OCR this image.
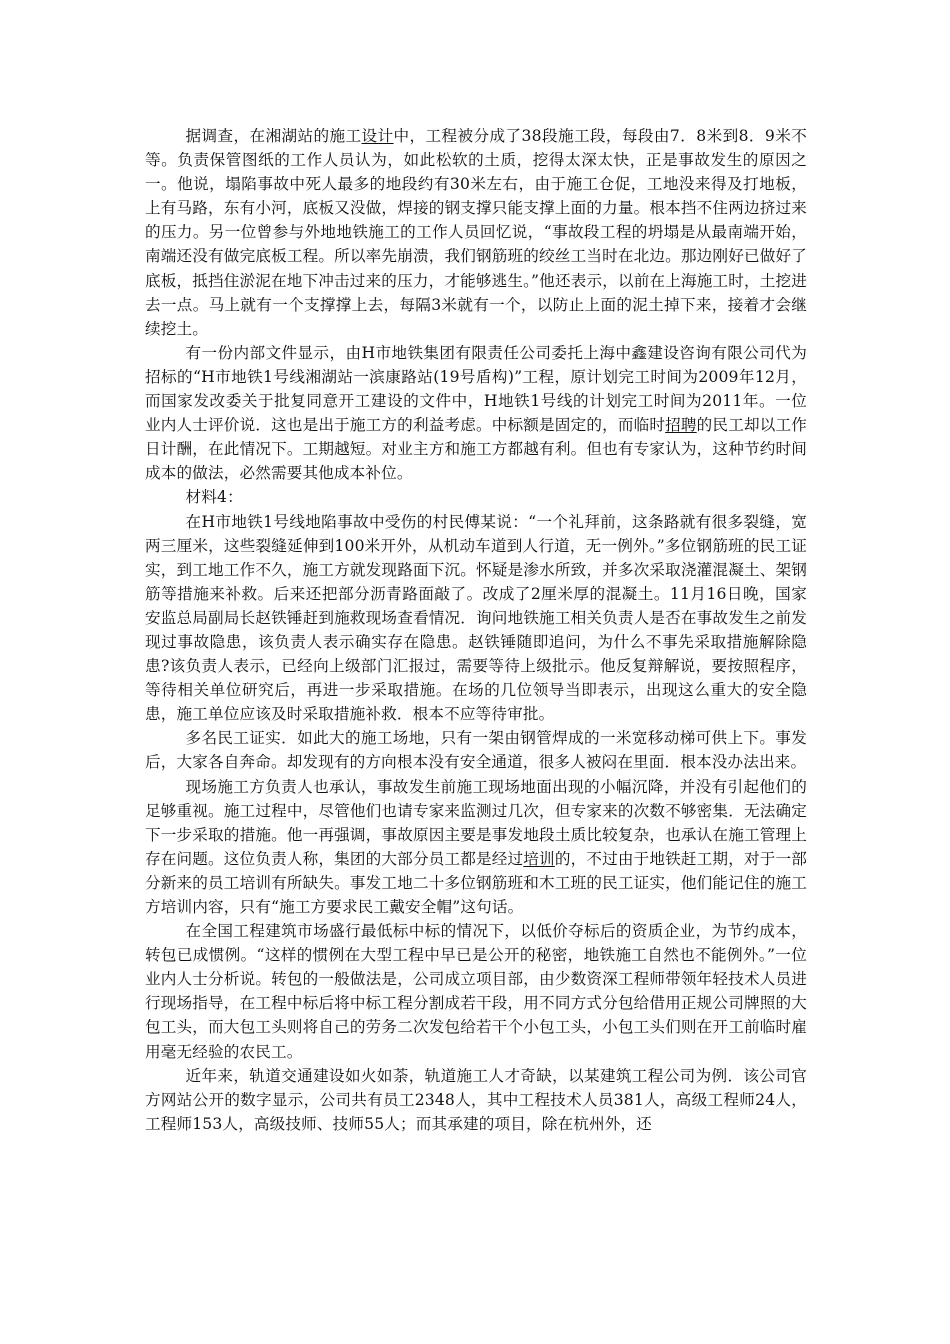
据调查，在湘湖站的施工设计中，工程被分成了38段施工段，每段由7．8米到8．9米不等。负责保管图纸的工作人员认为，如此松软的土质，挖得太深太快，正是事故发生的原因之一。他说，塌陷事故中死人最多的地段约有30米左右，由于施工仓促，工地没来得及打地板，上有马路，东有小河，底板又没做，焊接的钢支撑只能支撑上面的力量。根本挡不住两边挤过来的压力。另一位曾参与外地地铁施工的工作人员回忆说，“事故段工程的坍塌是从最南端开始，南端还没有做完底板工程。所以率先崩溃，我们钢筋班的绞丝工当时在北边。那边刚好已做好了底板，抵挡住淤泥在地下冲击过来的压力，才能够逃生。”他还表示，以前在上海施工时，土挖进去一点。马上就有一个支撑撑上去，每隔3米就有一个，以防止上面的泥土掉下来，接着才会继续挖土。

有一份内部文件显示，由H市地铁集团有限责任公司委托上海中鑫建设咨询有限公司代为招标的“H市地铁1号线湘湖站一滨康路站(19号盾构)”工程，原计划完工时间为2009年12月，而国家发改委关于批复同意开工建设的文件中，H地铁1号线的计划完工时间为2011年。一位业内人士评价说．这也是出于施工方的利益考虑。中标额是固定的，而临时招聘的民工却以工作日计酬，在此情况下。工期越短。对业主方和施工方都越有利。但也有专家认为，这种节约时间成本的做法，必然需要其他成本补位。

材料4：

在H市地铁1号线地陷事故中受伤的村民傅某说：“一个礼拜前，这条路就有很多裂缝，宽两三厘米，这些裂缝延伸到100米开外，从机动车道到人行道，无一例外。”多位钢筋班的民工证实，到工地工作不久，施工方就发现路面下沉。怀疑是渗水所致，并多次采取浇灌混凝土、架钢筋等措施来补救。后来还把部分沥青路面敲了。改成了2厘米厚的混凝土。11月16日晚，国家安监总局副局长赵铁锤赶到施救现场查看情况．询问地铁施工相关负责人是否在事故发生之前发现过事故隐患，该负责人表示确实存在隐患。赵铁锤随即追问，为什么不事先采取措施解除隐患?该负责人表示，已经向上级部门汇报过，需要等待上级批示。他反复辩解说，要按照程序，等待相关单位研究后，再进一步采取措施。在场的几位领导当即表示，出现这么重大的安全隐患，施工单位应该及时采取措施补救．根本不应等待审批。

多名民工证实．如此大的施工场地，只有一架由钢管焊成的一米宽移动梯可供上下。事发后，大家各自奔命。却发现有的方向根本没有安全通道，很多人被闷在里面．根本没办法出来。

现场施工方负责人也承认，事故发生前施工现场地面出现的小幅沉降，并没有引起他们的足够重视。施工过程中，尽管他们也请专家来监测过几次，但专家来的次数不够密集．无法确定下一步采取的措施。他一再强调，事故原因主要是事发地段土质比较复杂，也承认在施工管理上存在问题。这位负责人称，集团的大部分员工都是经过培训的，不过由于地铁赶工期，对于一部分新来的员工培训有所缺失。事发工地二十多位钢筋班和木工班的民工证实，他们能记住的施工方培训内容，只有“施工方要求民工戴安全帽”这句话。

在全国工程建筑市场盛行最低标中标的情况下，以低价夺标后的资质企业，为节约成本，转包已成惯例。“这样的惯例在大型工程中早已是公开的秘密，地铁施工自然也不能例外。”一位业内人士分析说。转包的一般做法是，公司成立项目部，由少数资深工程师带领年轻技术人员进行现场指导，在工程中标后将中标工程分割成若干段，用不同方式分包给借用正规公司牌照的大包工头，而大包工头则将自己的劳务二次发包给若干个小包工头，小包工头们则在开工前临时雇用毫无经验的农民工。

近年来，轨道交通建设如火如荼，轨道施工人才奇缺，以某建筑工程公司为例．该公司官方网站公开的数字显示，公司共有员工2348人，其中工程技术人员381人，高级工程师24人，工程师153人，高级技师、技师55人；而其承建的项目，除在杭州外，还
